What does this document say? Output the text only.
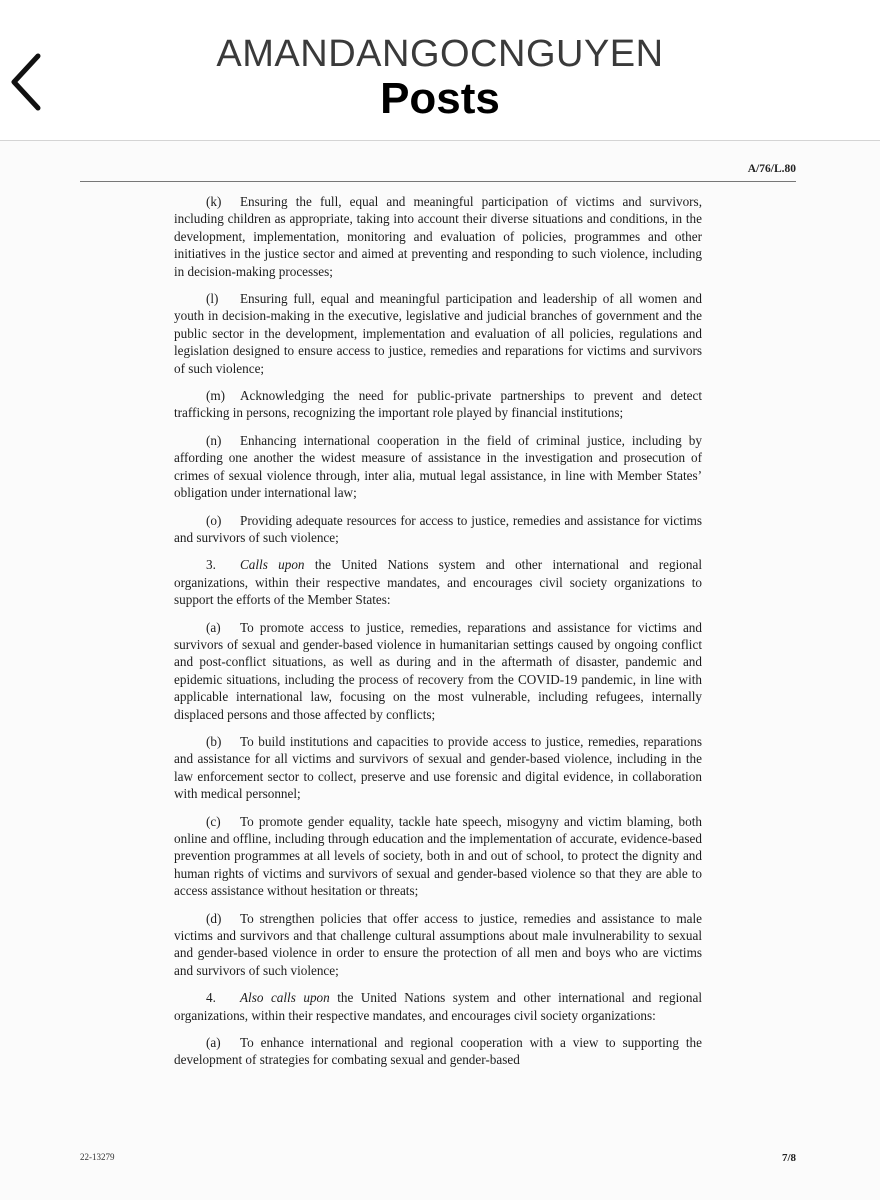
AMANDANGOCNGUYEN
Posts
A/76/L.80

(k) Ensuring the full, equal and meaningful participation of victims and survivors, including children as appropriate, taking into account their diverse situations and conditions, in the development, implementation, monitoring and evaluation of policies, programmes and other initiatives in the justice sector and aimed at preventing and responding to such violence, including in decision-making processes;

(l) Ensuring full, equal and meaningful participation and leadership of all women and youth in decision-making in the executive, legislative and judicial branches of government and the public sector in the development, implementation and evaluation of all policies, regulations and legislation designed to ensure access to justice, remedies and reparations for victims and survivors of such violence;

(m) Acknowledging the need for public-private partnerships to prevent and detect trafficking in persons, recognizing the important role played by financial institutions;

(n) Enhancing international cooperation in the field of criminal justice, including by affording one another the widest measure of assistance in the investigation and prosecution of crimes of sexual violence through, inter alia, mutual legal assistance, in line with Member States’ obligation under international law;

(o) Providing adequate resources for access to justice, remedies and assistance for victims and survivors of such violence;

3. Calls upon the United Nations system and other international and regional organizations, within their respective mandates, and encourages civil society organizations to support the efforts of the Member States:

(a) To promote access to justice, remedies, reparations and assistance for victims and survivors of sexual and gender-based violence in humanitarian settings caused by ongoing conflict and post-conflict situations, as well as during and in the aftermath of disaster, pandemic and epidemic situations, including the process of recovery from the COVID-19 pandemic, in line with applicable international law, focusing on the most vulnerable, including refugees, internally displaced persons and those affected by conflicts;

(b) To build institutions and capacities to provide access to justice, remedies, reparations and assistance for all victims and survivors of sexual and gender-based violence, including in the law enforcement sector to collect, preserve and use forensic and digital evidence, in collaboration with medical personnel;

(c) To promote gender equality, tackle hate speech, misogyny and victim blaming, both online and offline, including through education and the implementation of accurate, evidence-based prevention programmes at all levels of society, both in and out of school, to protect the dignity and human rights of victims and survivors of sexual and gender-based violence so that they are able to access assistance without hesitation or threats;

(d) To strengthen policies that offer access to justice, remedies and assistance to male victims and survivors and that challenge cultural assumptions about male invulnerability to sexual and gender-based violence in order to ensure the protection of all men and boys who are victims and survivors of such violence;

4. Also calls upon the United Nations system and other international and regional organizations, within their respective mandates, and encourages civil society organizations:

(a) To enhance international and regional cooperation with a view to supporting the development of strategies for combating sexual and gender-based

22-13279	7/8
